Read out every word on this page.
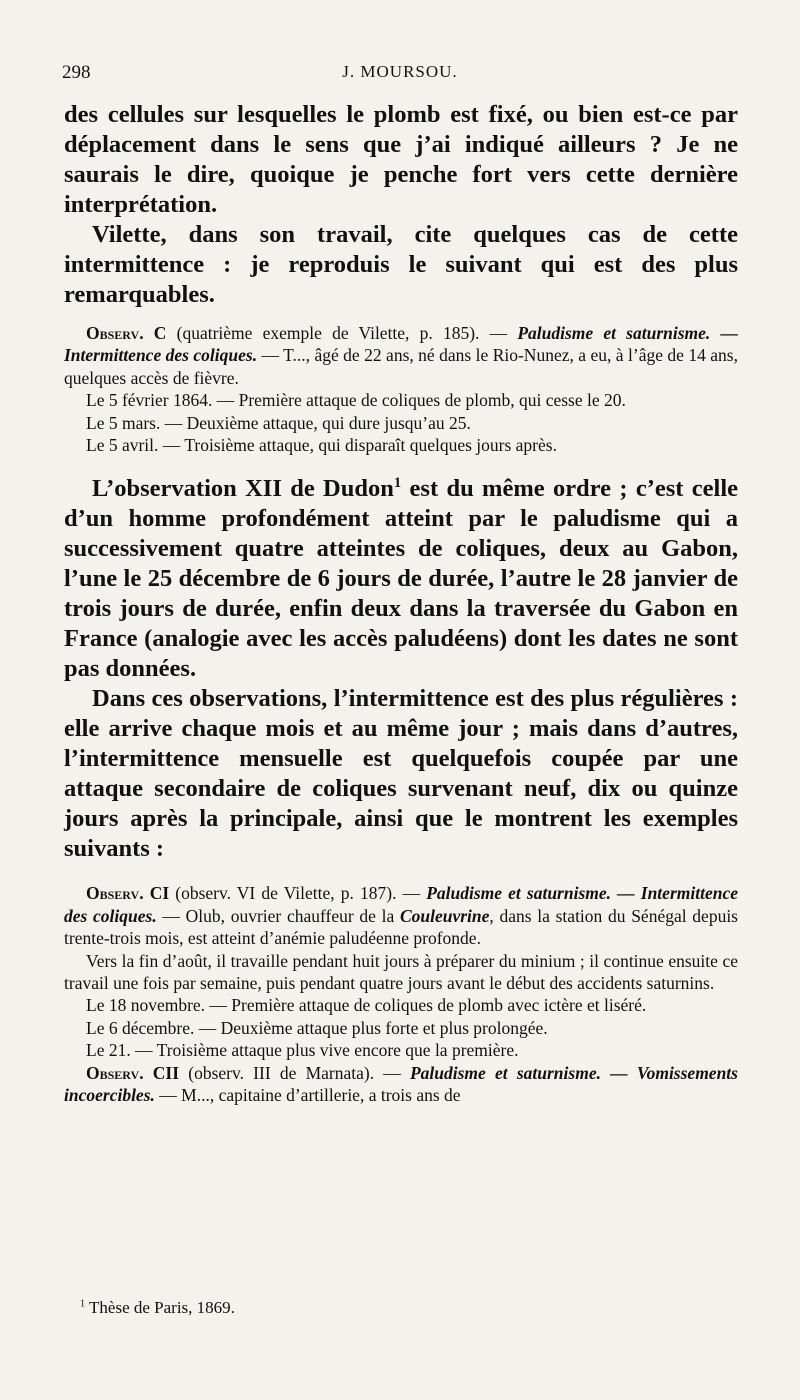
298	J. MOURSOU.

des cellules sur lesquelles le plomb est fixé, ou bien est-ce par déplacement dans le sens que j’ai indiqué ailleurs ? Je ne saurais le dire, quoique je penche fort vers cette dernière interprétation.

Vilette, dans son travail, cite quelques cas de cette intermittence : je reproduis le suivant qui est des plus remarquables.

Observ. C (quatrième exemple de Vilette, p. 185). — Paludisme et saturnisme. — Intermittence des coliques. — T..., âgé de 22 ans, né dans le Rio-Nunez, a eu, à l’âge de 14 ans, quelques accès de fièvre.

Le 5 février 1864. — Première attaque de coliques de plomb, qui cesse le 20.

Le 5 mars. — Deuxième attaque, qui dure jusqu’au 25.

Le 5 avril. — Troisième attaque, qui disparaît quelques jours après.

L’observation XII de Dudon$^1$ est du même ordre ; c’est celle d’un homme profondément atteint par le paludisme qui a successivement quatre atteintes de coliques, deux au Gabon, l’une le 25 décembre de 6 jours de durée, l’autre le 28 janvier de trois jours de durée, enfin deux dans la traversée du Gabon en France (analogie avec les accès paludéens) dont les dates ne sont pas données.

Dans ces observations, l’intermittence est des plus régulières : elle arrive chaque mois et au même jour ; mais dans d’autres, l’intermittence mensuelle est quelquefois coupée par une attaque secondaire de coliques survenant neuf, dix ou quinze jours après la principale, ainsi que le montrent les exemples suivants :

Observ. CI (observ. VI de Vilette, p. 187). — Paludisme et saturnisme. — Intermittence des coliques. — Olub, ouvrier chauffeur de la Couleuvrine, dans la station du Sénégal depuis trente-trois mois, est atteint d’anémie paludéenne profonde.

Vers la fin d’août, il travaille pendant huit jours à préparer du minium ; il continue ensuite ce travail une fois par semaine, puis pendant quatre jours avant le début des accidents saturnins.

Le 18 novembre. — Première attaque de coliques de plomb avec ictère et liséré.

Le 6 décembre. — Deuxième attaque plus forte et plus prolongée.

Le 21. — Troisième attaque plus vive encore que la première.

Observ. CII (observ. III de Marnata). — Paludisme et saturnisme. — Vomissements incoercibles. — M..., capitaine d’artillerie, a trois ans de

$^1$ Thèse de Paris, 1869.
